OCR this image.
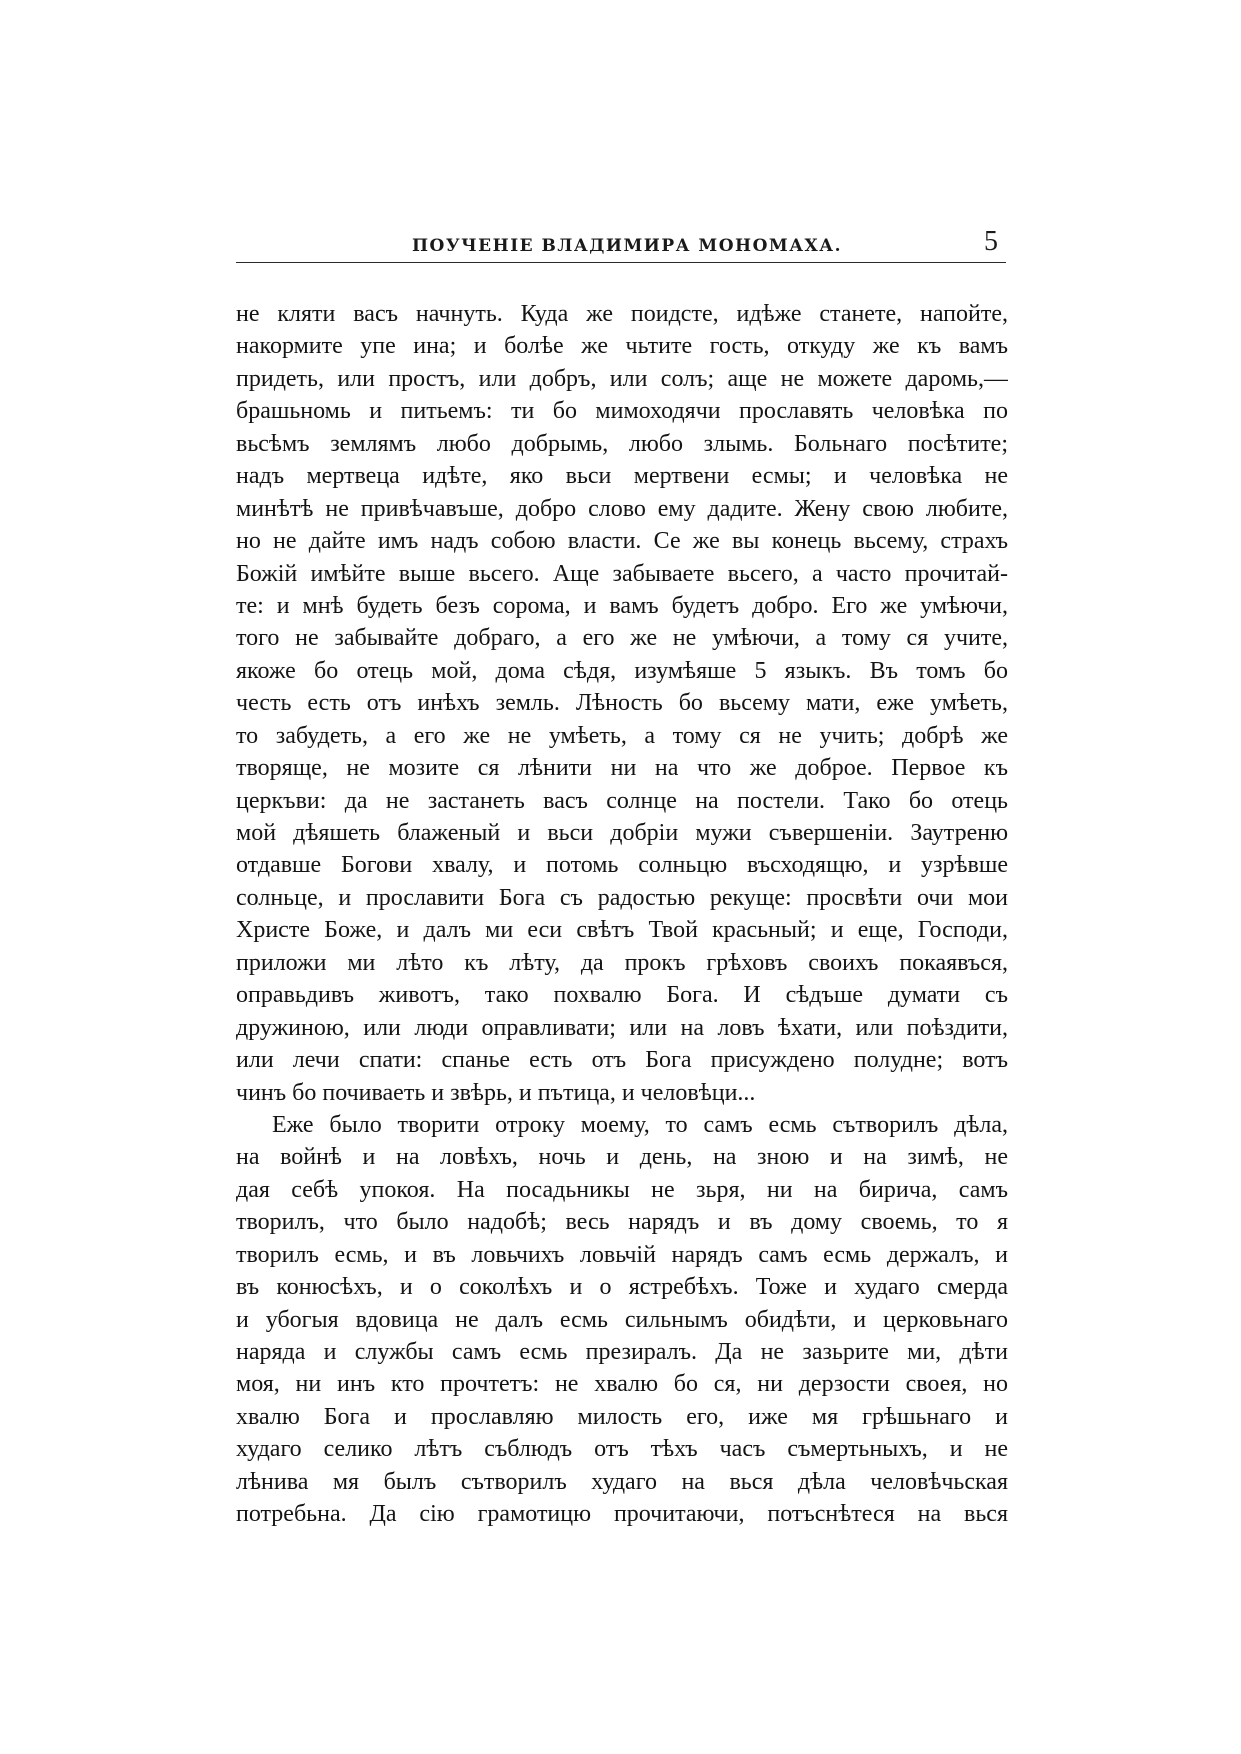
ПОУЧЕНІЕ ВЛАДИМИРА МОНОМАХА.	5
не кляти васъ начнуть. Куда же поидсте, идѣже станете, напойте,
накормите упе ина; и болѣе же чьтите гость, откуду же къ вамъ
придеть, или простъ, или добръ, или солъ; аще не можете даромь,—
брашьномь и питьемъ: ти бо мимоходячи прославять человѣка по
вьсѣмъ землямъ любо добрымь, любо злымь. Больнаго посѣтите;
надъ мертвеца идѣте, яко вьси мертвени есмы; и человѣка не
минѣтѣ не привѣчавъше, добро слово ему дадите. Жену свою любите,
но не дайте имъ надъ собою власти. Се же вы конець вьсему, страхъ
Божій имѣйте выше вьсего. Аще забываете вьсего, а часто прочитай-
те: и мнѣ будеть безъ сорома, и вамъ будетъ добро. Его же умѣючи,
того не забывайте добраго, а его же не умѣючи, а тому ся учите,
якоже бо отець мой, дома сѣдя, изумѣяше 5 языкъ. Въ томъ бо
честь есть отъ инѣхъ земль. Лѣность бо вьсему мати, еже умѣеть,
то забудеть, а его же не умѣеть, а тому ся не учить; добрѣ же
творяще, не мозите ся лѣнити ни на что же доброе. Первое къ
церкъви: да не застанеть васъ солнце на постели. Тако бо отець
мой дѣяшеть блаженый и вьси добріи мужи съвершеніи. Заутреню
отдавше Богови хвалу, и потомь солньцю въсходящю, и узрѣвше
солньце, и прославити Бога съ радостью рекуще: просвѣти очи мои
Христе Боже, и далъ ми еси свѣтъ Твой красьный; и еще, Господи,
приложи ми лѣто къ лѣту, да прокъ грѣховъ своихъ покаявъся,
оправьдивъ животъ, тако похвалю Бога. И сѣдъше думати съ
дружиною, или люди оправливати; или на ловъ ѣхати, или поѣздити,
или лечи спати: спанье есть отъ Бога присуждено полудне; вотъ
чинъ бо почиваеть и звѣрь, и пътица, и человѣци...
Еже было творити отроку моему, то самъ есмь сътворилъ дѣла,
на войнѣ и на ловѣхъ, ночь и день, на зною и на зимѣ, не
дая себѣ упокоя. На посадьникы не зьря, ни на бирича, самъ
творилъ, что было надобѣ; весь нарядъ и въ дому своемь, то я
творилъ есмь, и въ ловьчихъ ловьчій нарядъ самъ есмь держалъ, и
въ конюсѣхъ, и о соколѣхъ и о ястребѣхъ. Тоже и худаго смерда
и убогыя вдовица не далъ есмь сильнымъ обидѣти, и церковьнаго
наряда и службы самъ есмь презиралъ. Да не зазьрите ми, дѣти
моя, ни инъ кто прочтетъ: не хвалю бо ся, ни дерзости своея, но
хвалю Бога и прославляю милость его, иже мя грѣшьнаго и
худаго селико лѣтъ съблюдъ отъ тѣхъ часъ съмертьныхъ, и не
лѣнива мя былъ сътворилъ худаго на вься дѣла человѣчьская
потребьна. Да сію грамотицю прочитаючи, потъснѣтеся на вься
